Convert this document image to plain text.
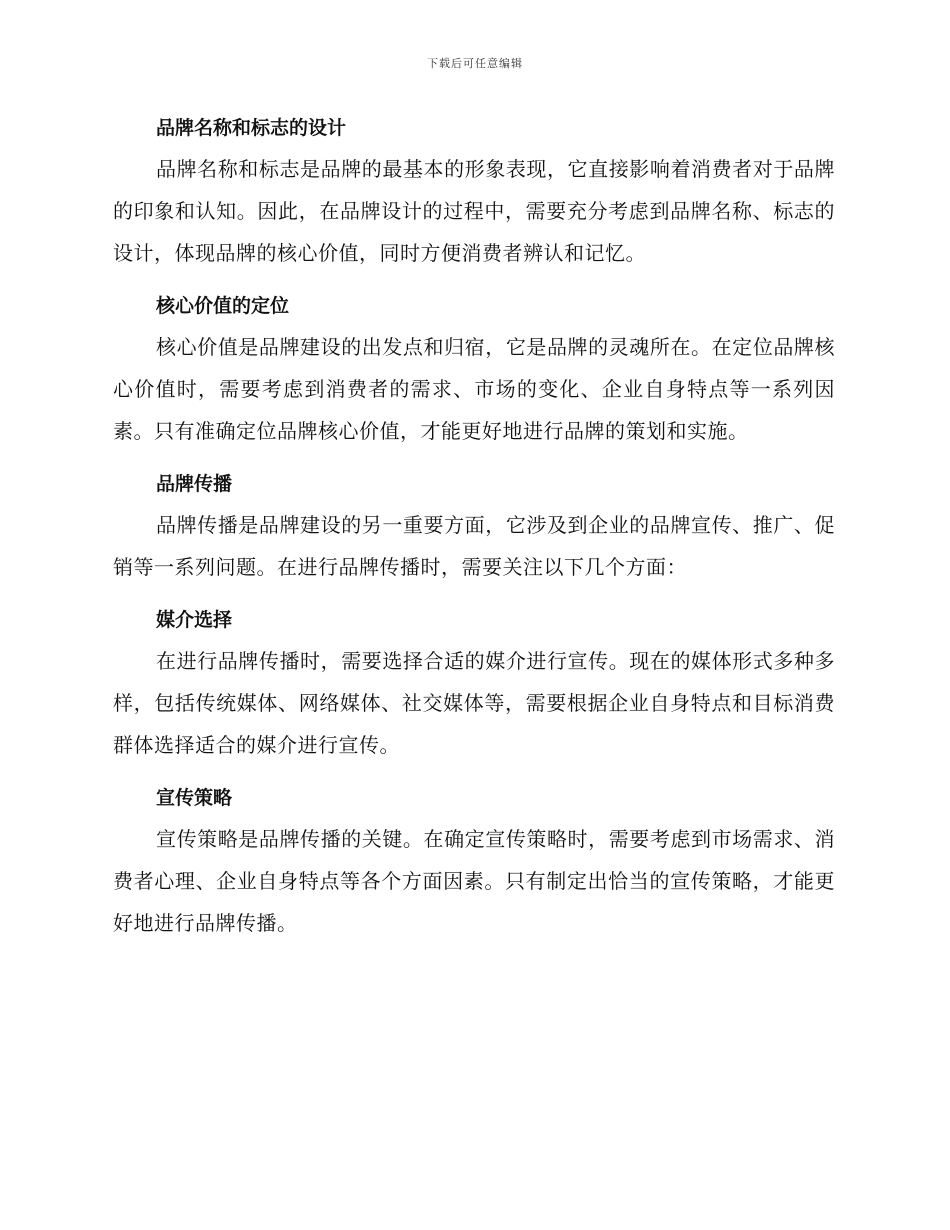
下载后可任意编辑
品牌名称和标志的设计

品牌名称和标志是品牌的最基本的形象表现，它直接影响着消费者对于品牌的印象和认知。因此，在品牌设计的过程中，需要充分考虑到品牌名称、标志的设计，体现品牌的核心价值，同时方便消费者辨认和记忆。

核心价值的定位

核心价值是品牌建设的出发点和归宿，它是品牌的灵魂所在。在定位品牌核心价值时，需要考虑到消费者的需求、市场的变化、企业自身特点等一系列因素。只有准确定位品牌核心价值，才能更好地进行品牌的策划和实施。

品牌传播

品牌传播是品牌建设的另一重要方面，它涉及到企业的品牌宣传、推广、促销等一系列问题。在进行品牌传播时，需要关注以下几个方面：

媒介选择

在进行品牌传播时，需要选择合适的媒介进行宣传。现在的媒体形式多种多样，包括传统媒体、网络媒体、社交媒体等，需要根据企业自身特点和目标消费群体选择适合的媒介进行宣传。

宣传策略

宣传策略是品牌传播的关键。在确定宣传策略时，需要考虑到市场需求、消费者心理、企业自身特点等各个方面因素。只有制定出恰当的宣传策略，才能更好地进行品牌传播。
